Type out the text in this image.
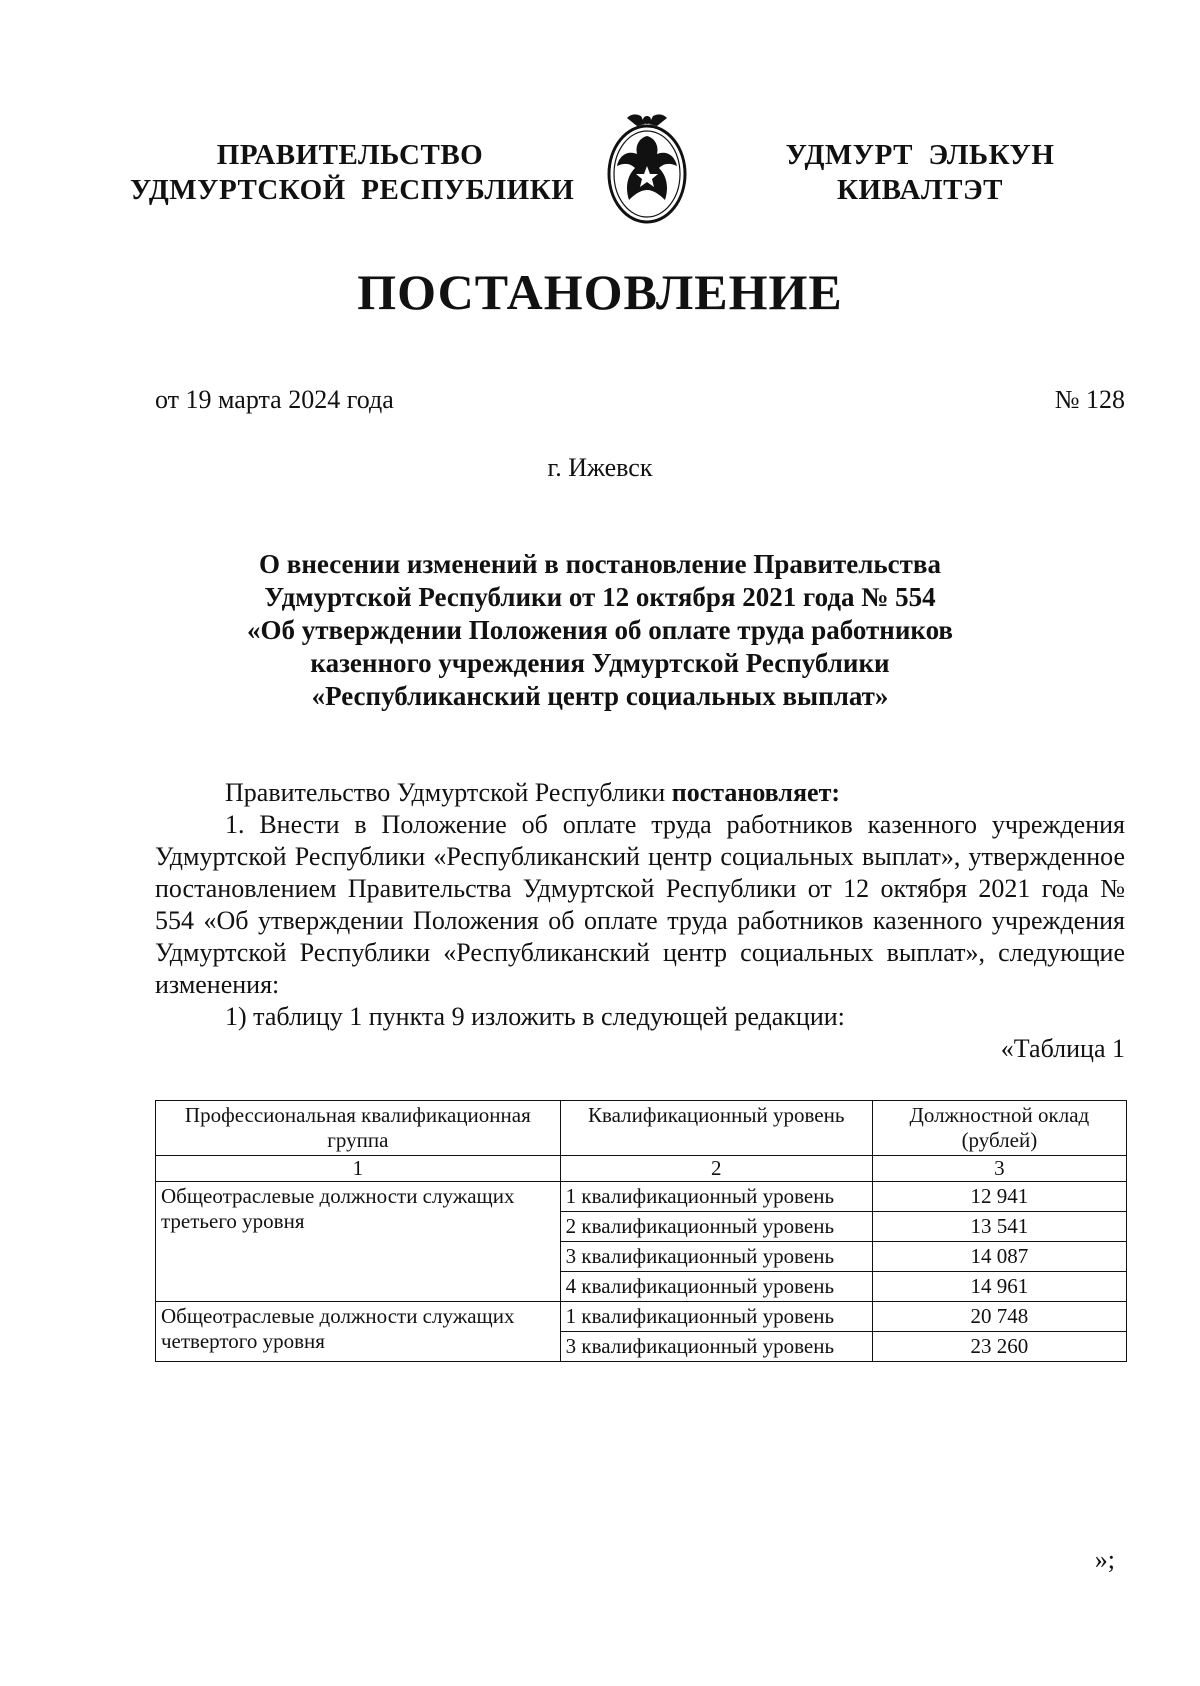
ПРАВИТЕЛЬСТВО
УДМУРТСКОЙ  РЕСПУБЛИКИ
УДМУРТ  ЭЛЬКУН
КИВАЛТЭТ
ПОСТАНОВЛЕНИЕ
от 19 марта 2024 года	№ 128
г. Ижевск
О внесении изменений в постановление Правительства
Удмуртской Республики от 12 октября 2021 года № 554
«Об утверждении Положения об оплате труда работников
казенного учреждения Удмуртской Республики
«Республиканский центр социальных выплат»

Правительство Удмуртской Республики постановляет:

1. Внести в Положение об оплате труда работников казенного учреждения Удмуртской Республики «Республиканский центр социальных выплат», утвержденное постановлением Правительства Удмуртской Республики от 12 октября 2021 года № 554 «Об утверждении Положения об оплате труда работников казенного учреждения Удмуртской Республики «Республиканский центр социальных выплат», следующие изменения:

1) таблицу 1 пункта 9 изложить в следующей редакции:

«Таблица 1

Профессиональная квалификационная группа	Квалификационный уровень	Должностной оклад (рублей)
1	2	3
Общеотраслевые должности служащих третьего уровня	1 квалификационный уровень	12 941
	2 квалификационный уровень	13 541
	3 квалификационный уровень	14 087
	4 квалификационный уровень	14 961
Общеотраслевые должности служащих четвертого уровня	1 квалификационный уровень	20 748
	3 квалификационный уровень	23 260
»;
